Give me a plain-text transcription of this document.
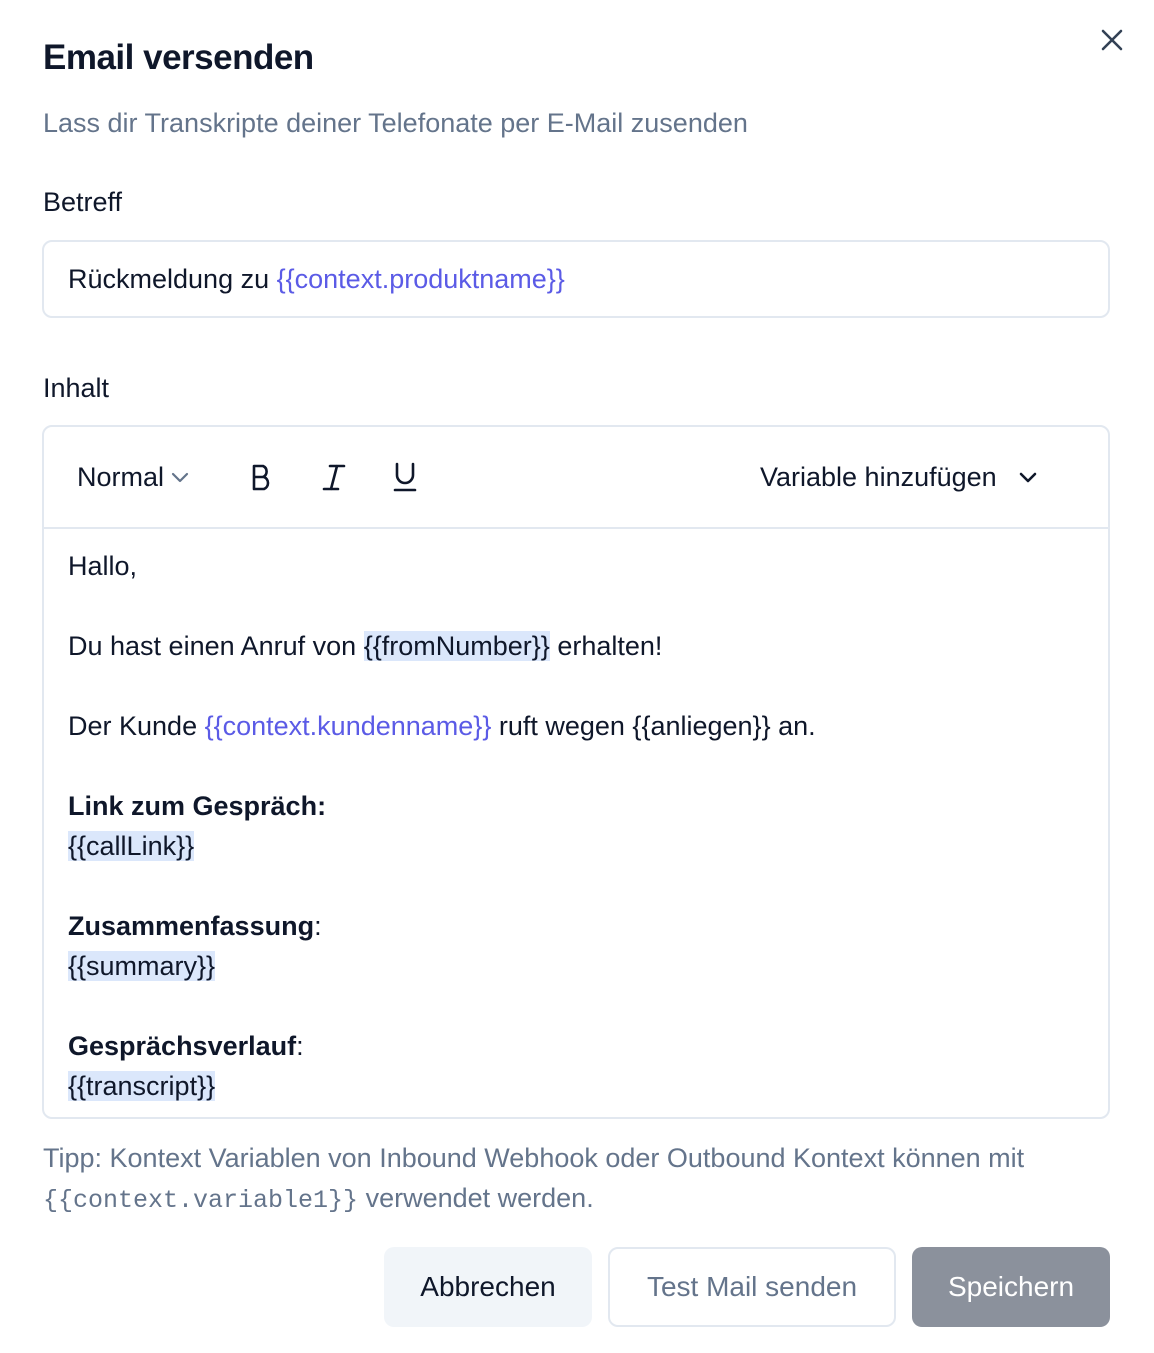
Email versenden

Lass dir Transkripte deiner Telefonate per E-Mail zusenden

Betreff

Rückmeldung zu {{context.produktname}}

Inhalt

Normal	Variable hinzufügen
Hallo,
Du hast einen Anruf von {{fromNumber}} erhalten!
Der Kunde {{context.kundenname}} ruft wegen {{anliegen}} an.
Link zum Gespräch:
{{callLink}}
Zusammenfassung:
{{summary}}
Gesprächsverlauf:
{{transcript}}

Tipp: Kontext Variablen von Inbound Webhook oder Outbound Kontext können mit {{context.variable1}} verwendet werden.

Abbrechen	Test Mail senden	Speichern
